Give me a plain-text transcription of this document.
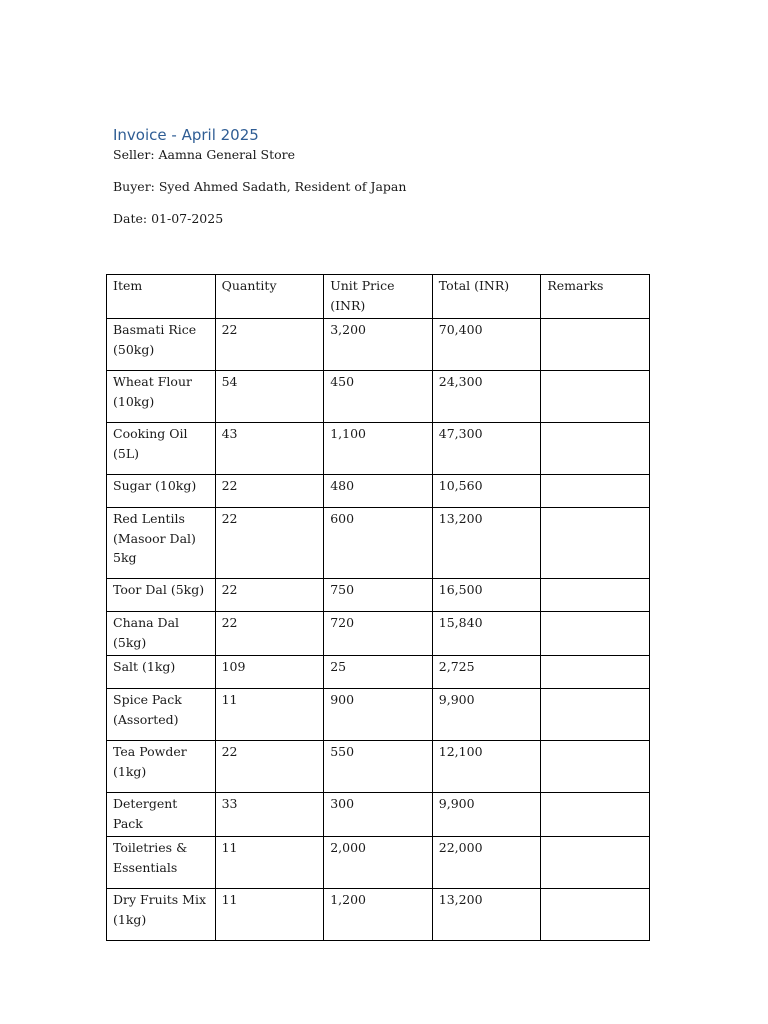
Invoice - April 2025

Seller: Aamna General Store

Buyer: Syed Ahmed Sadath, Resident of Japan

Date: 01-07-2025

Item	Quantity	Unit Price (INR)	Total (INR)	Remarks
Basmati Rice (50kg)	22	3,200	70,400	
Wheat Flour (10kg)	54	450	24,300	
Cooking Oil (5L)	43	1,100	47,300	
Sugar (10kg)	22	480	10,560	
Red Lentils (Masoor Dal) 5kg	22	600	13,200	
Toor Dal (5kg)	22	750	16,500	
Chana Dal (5kg)	22	720	15,840	
Salt (1kg)	109	25	2,725	
Spice Pack (Assorted)	11	900	9,900	
Tea Powder (1kg)	22	550	12,100	
Detergent Pack	33	300	9,900	
Toiletries & Essentials	11	2,000	22,000	
Dry Fruits Mix (1kg)	11	1,200	13,200	
